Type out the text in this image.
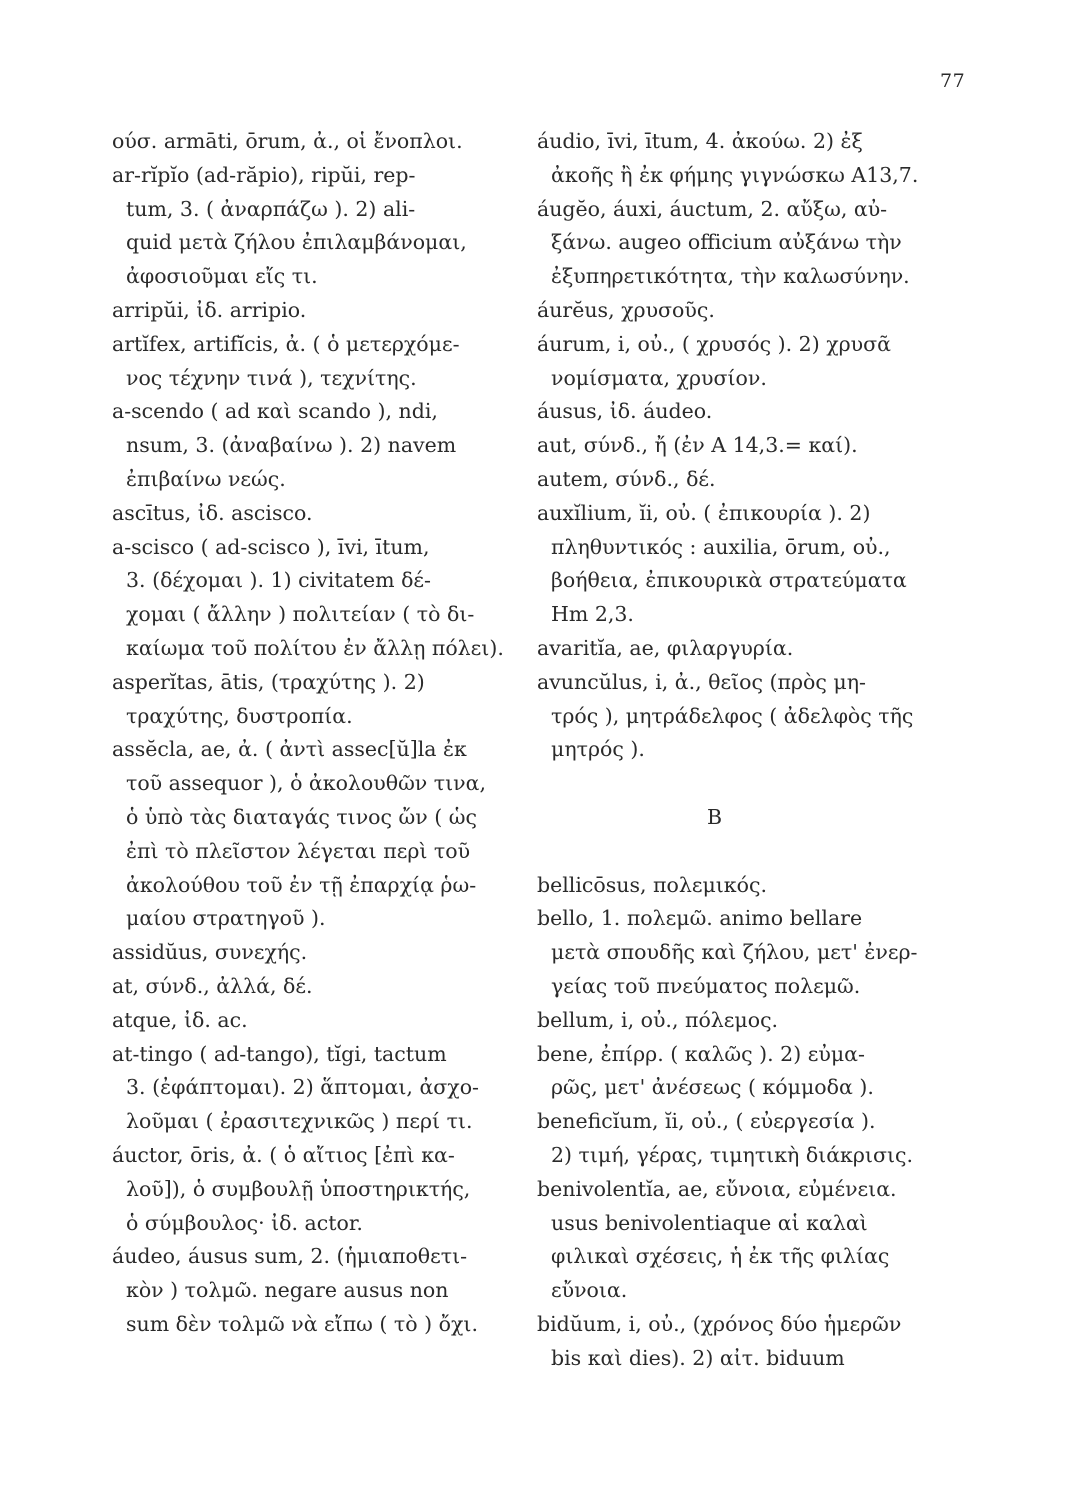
77
ούσ. armāti, ōrum, ἀ., οἱ ἔνοπλοι.
ar-rĭpĭo (ad-răpio), ripŭi, rep-
tum, 3. ( ἀναρπάζω ). 2) ali-
quid μετὰ ζήλου ἐπιλαμβάνομαι,
ἀφοσιοῦμαι εἴς τι.
arripŭi, ἰδ. arripio.
artĭfex, artifĭcis, ἀ. ( ὁ μετερχόμε-
νος τέχνην τινά ), τεχνίτης.
a-scendo ( ad καὶ scando ), ndi,
nsum, 3. (ἀναβαίνω ). 2) navem
ἐπιβαίνω νεώς.
ascītus, ἰδ. ascisco.
a-scisco ( ad-scisco ), īvi, ītum,
3. (δέχομαι ). 1) civitatem δέ-
χομαι ( ἄλλην ) πολιτείαν ( τὸ δι-
καίωμα τοῦ πολίτου ἐν ἄλλῃ πόλει).
asperĭtas, ātis, (τραχύτης ). 2)
τραχύτης, δυστροπία.
assĕcla, ae, ἀ. ( ἀντὶ assec[ŭ]la ἐκ
τοῦ assequor ), ὁ ἀκολουθῶν τινα,
ὁ ὑπὸ τὰς διαταγάς τινος ὤν ( ὡς
ἐπὶ τὸ πλεῖστον λέγεται περὶ τοῦ
ἀκολούθου τοῦ ἐν τῇ ἐπαρχίᾳ ῥω-
μαίου στρατηγοῦ ).
assidŭus, συνεχής.
at, σύνδ., ἀλλά, δέ.
atque, ἰδ. ac.
at-tingo ( ad-tango), tĭgi, tactum
3. (ἐφάπτομαι). 2) ἅπτομαι, ἀσχο-
λοῦμαι ( ἐρασιτεχνικῶς ) περί τι.
áuctor, ōris, ἀ. ( ὁ αἴτιος [ἐπὶ κα-
λοῦ]), ὁ συμβουλῇ ὑποστηρικτής,
ὁ σύμβουλος· ἰδ. actor.
áudeo, áusus sum, 2. (ἡμιαποθετι-
κὸν ) τολμῶ. negare ausus non
sum δὲν τολμῶ νὰ εἴπω ( τὸ ) ὄχι.
áudio, īvi, ītum, 4. ἀκούω. 2) ἐξ
ἀκοῆς ἢ ἐκ φήμης γιγνώσκω A13,7.
áugĕo, áuxi, áuctum, 2. αὔξω, αὐ-
ξάνω. augeo officium αὐξάνω τὴν
ἐξυπηρετικότητα, τὴν καλωσύνην.
áurĕus, χρυσοῦς.
áurum, i, οὐ., ( χρυσός ). 2) χρυσᾶ
νομίσματα, χρυσίον.
áusus, ἰδ. áudeo.
aut, σύνδ., ἤ (ἐν A 14,3.= καί).
autem, σύνδ., δέ.
auxĭlium, ĭi, οὐ. ( ἐπικουρία ). 2)
πληθυντικός : auxilia, ōrum, οὐ.,
βοήθεια, ἐπικουρικὰ στρατεύματα
Hm 2,3.
avaritĭa, ae, φιλαργυρία.
avuncŭlus, i, ἀ., θεῖος (πρὸς μη-
τρός ), μητράδελφος ( ἀδελφὸς τῆς
μητρός ).
B
bellicōsus, πολεμικός.
bello, 1. πολεμῶ. animo bellare
μετὰ σπουδῆς καὶ ζήλου, μετ' ἐνερ-
γείας τοῦ πνεύματος πολεμῶ.
bellum, i, οὐ., πόλεμος.
bene, ἐπίρρ. ( καλῶς ). 2) εὐμα-
ρῶς, μετ' ἀνέσεως ( κόμμοδα ).
beneficĭum, ĭi, οὐ., ( εὐεργεσία ).
2) τιμή, γέρας, τιμητικὴ διάκρισις.
benivolentĭa, ae, εὔνοια, εὐμένεια.
usus benivolentiaque αἱ καλαὶ
φιλικαὶ σχέσεις, ἡ ἐκ τῆς φιλίας
εὔνοια.
bidŭum, i, οὐ., (χρόνος δύο ἡμερῶν
bis καὶ dies). 2) αἰτ. biduum
